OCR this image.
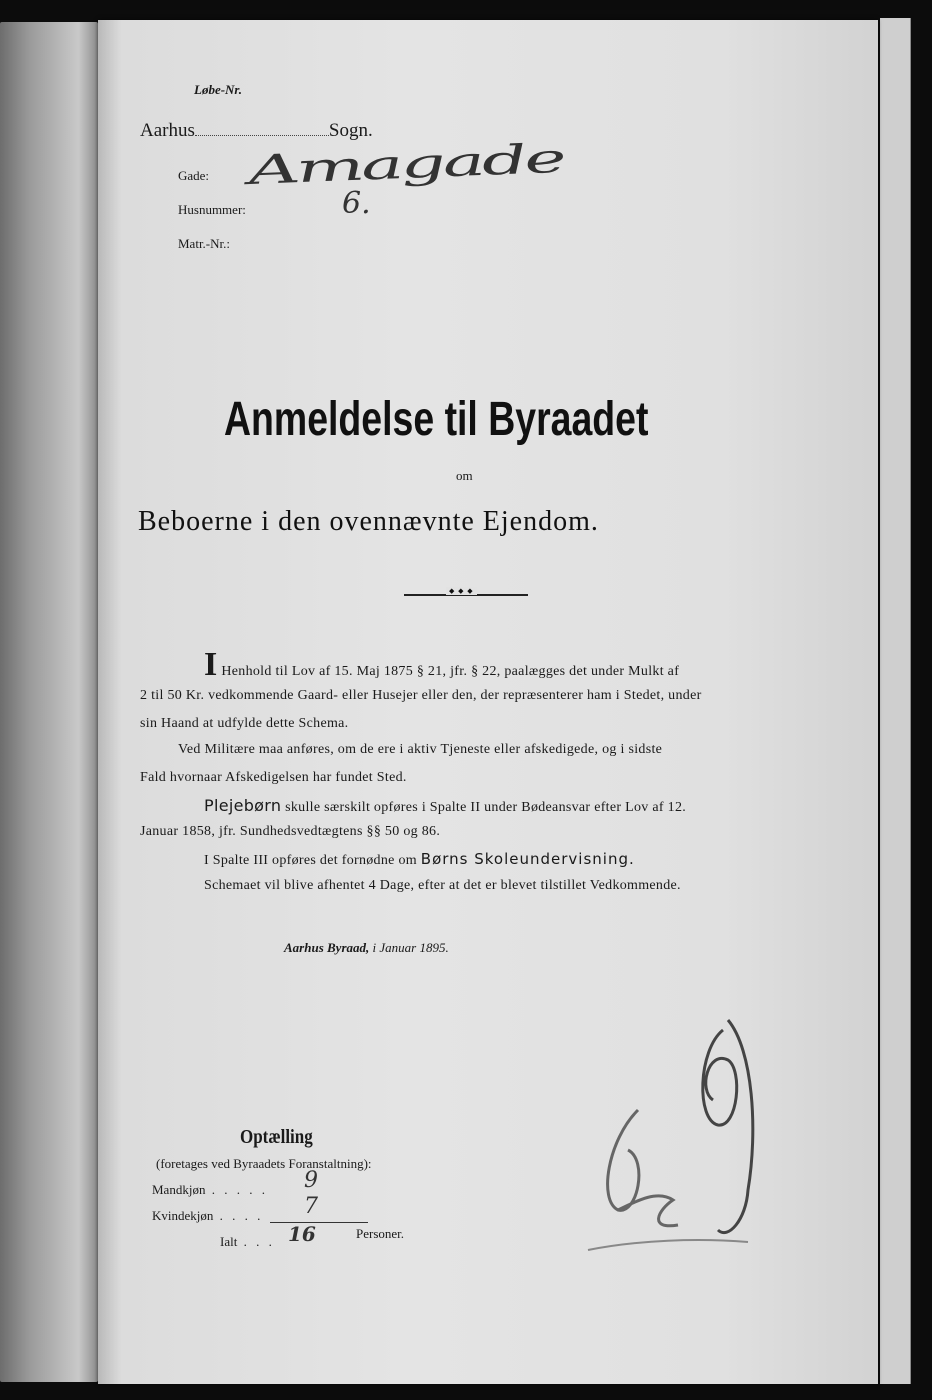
Løbe-Nr.
Aarhus	Sogn.
Gade: Amagade
Husnummer:	6.
Matr.-Nr.:
Anmeldelse til Byraadet
om
Beboerne i den ovennævnte Ejendom.
◆ ◆ ◆

I Henhold til Lov af 15. Maj 1875 § 21, jfr. § 22, paalægges det under Mulkt af

2 til 50 Kr. vedkommende Gaard- eller Husejer eller den, der repræsenterer ham i Stedet, under

sin Haand at udfylde dette Schema.

Ved Militære maa anføres, om de ere i aktiv Tjeneste eller afskedigede, og i sidste

Fald hvornaar Afskedigelsen har fundet Sted.

Plejebørn skulle særskilt opføres i Spalte II under Bødeansvar efter Lov af 12.

Januar 1858, jfr. Sundhedsvedtægtens §§ 50 og 86.

I Spalte III opføres det fornødne om Børns Skoleundervisning.

Schemaet vil blive afhentet 4 Dage, efter at det er blevet tilstillet Vedkommende.

Aarhus Byraad, i Januar 1895.
Optælling
(foretages ved Byraadets Foranstaltning):
Mandkjøn . . . . . 9
Kvindekjøn . . . . 7
Ialt . . . 16	Personer.
